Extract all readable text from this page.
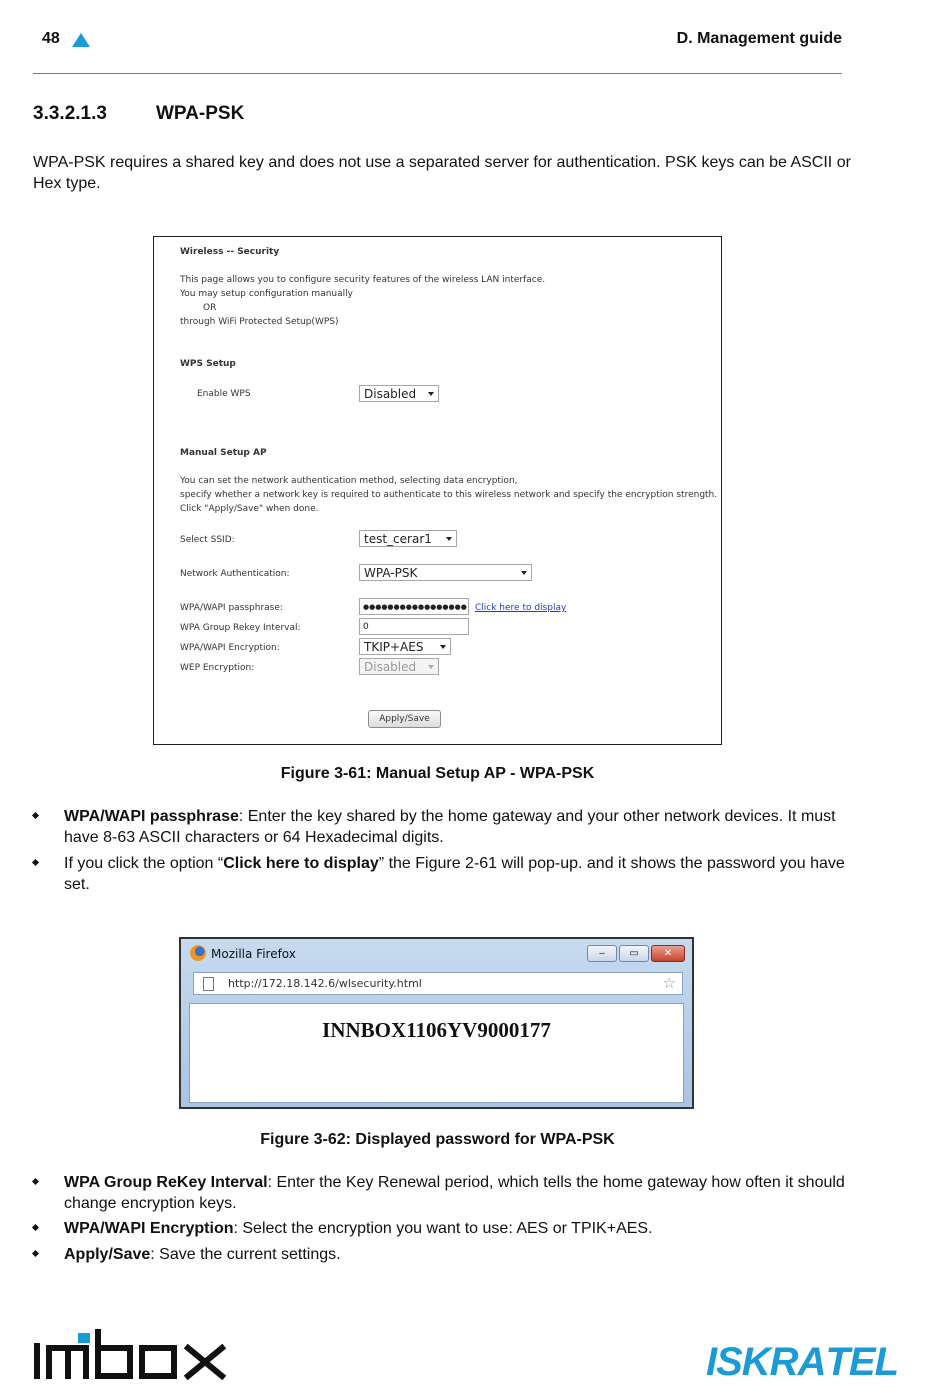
48	D. Management guide
3.3.2.1.3	WPA-PSK
WPA-PSK requires a shared key and does not use a separated server for authentication. PSK keys can be ASCII or Hex type.
Wireless -- Security
This page allows you to configure security features of the wireless LAN interface.
You may setup configuration manually
OR
through WiFi Protected Setup(WPS)
WPS Setup
Enable WPS	Disabled
Manual Setup AP
You can set the network authentication method, selecting data encryption,
specify whether a network key is required to authenticate to this wireless network and specify the encryption strength.
Click "Apply/Save" when done.
Select SSID:	test_cerar1
Network Authentication:	WPA-PSK
WPA/WAPI passphrase:	●●●●●●●●●●●●●●●●● Click here to display
WPA Group Rekey Interval:	0
WPA/WAPI Encryption:	TKIP+AES
WEP Encryption:	Disabled
Apply/Save
Figure 3-61: Manual Setup AP - WPA-PSK
WPA/WAPI passphrase: Enter the key shared by the home gateway and your other network devices. It must have 8-63 ASCII characters or 64 Hexadecimal digits.
If you click the option “Click here to display” the Figure 2-61 will pop-up. and it shows the password you have set.
Mozilla Firefox	‒	▭	✕
http://172.18.142.6/wlsecurity.html	☆
INNBOX1106YV9000177
Figure 3-62: Displayed password for WPA-PSK
WPA Group ReKey Interval: Enter the Key Renewal period, which tells the home gateway how often it should change encryption keys.
WPA/WAPI Encryption: Select the encryption you want to use: AES or TPIK+AES.
Apply/Save: Save the current settings.
ISKRATEL
